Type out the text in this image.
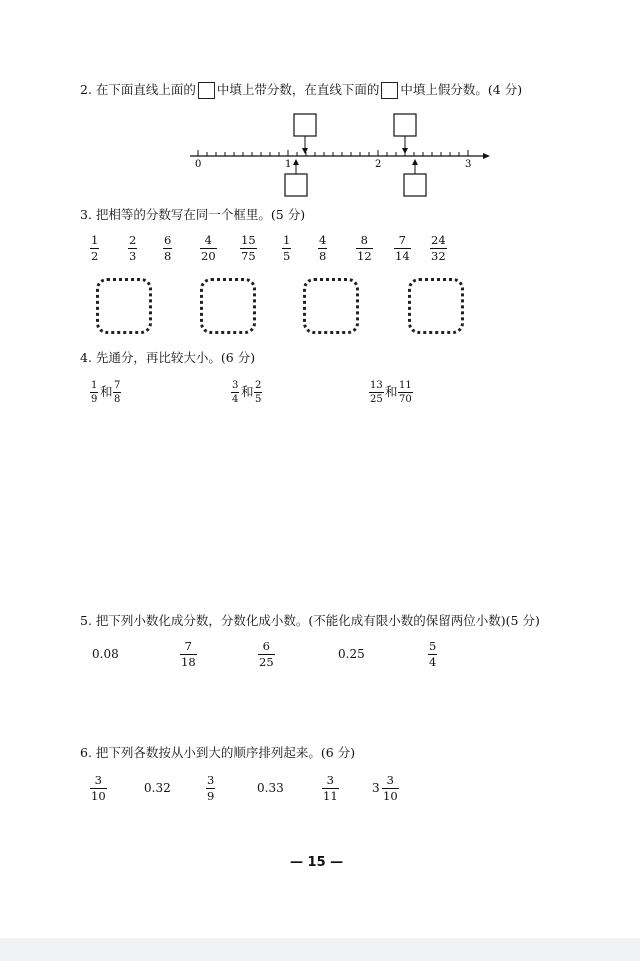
2. 在下面直线上面的 中填上带分数，在直线下面的 中填上假分数。(4 分)
0	1	2	3
3. 把相等的分数写在同一个框里。(5 分)
1
2
2
3
6
8
4
20
15
75
1
5
4
8
8
12
7
14
24
32
4. 先通分，再比较大小。(6 分)
1
9
和 7
8
3
4
和 2
5
13
25
和 11
70
5. 把下列小数化成分数，分数化成小数。(不能化成有限小数的保留两位小数)(5 分)
0.08
7
18
6
25
0.25
5
4
6. 把下列各数按从小到大的顺序排列起来。(6 分)
3
10
0.32
3
9
0.33
3
11
3
3
10
— 15 —
